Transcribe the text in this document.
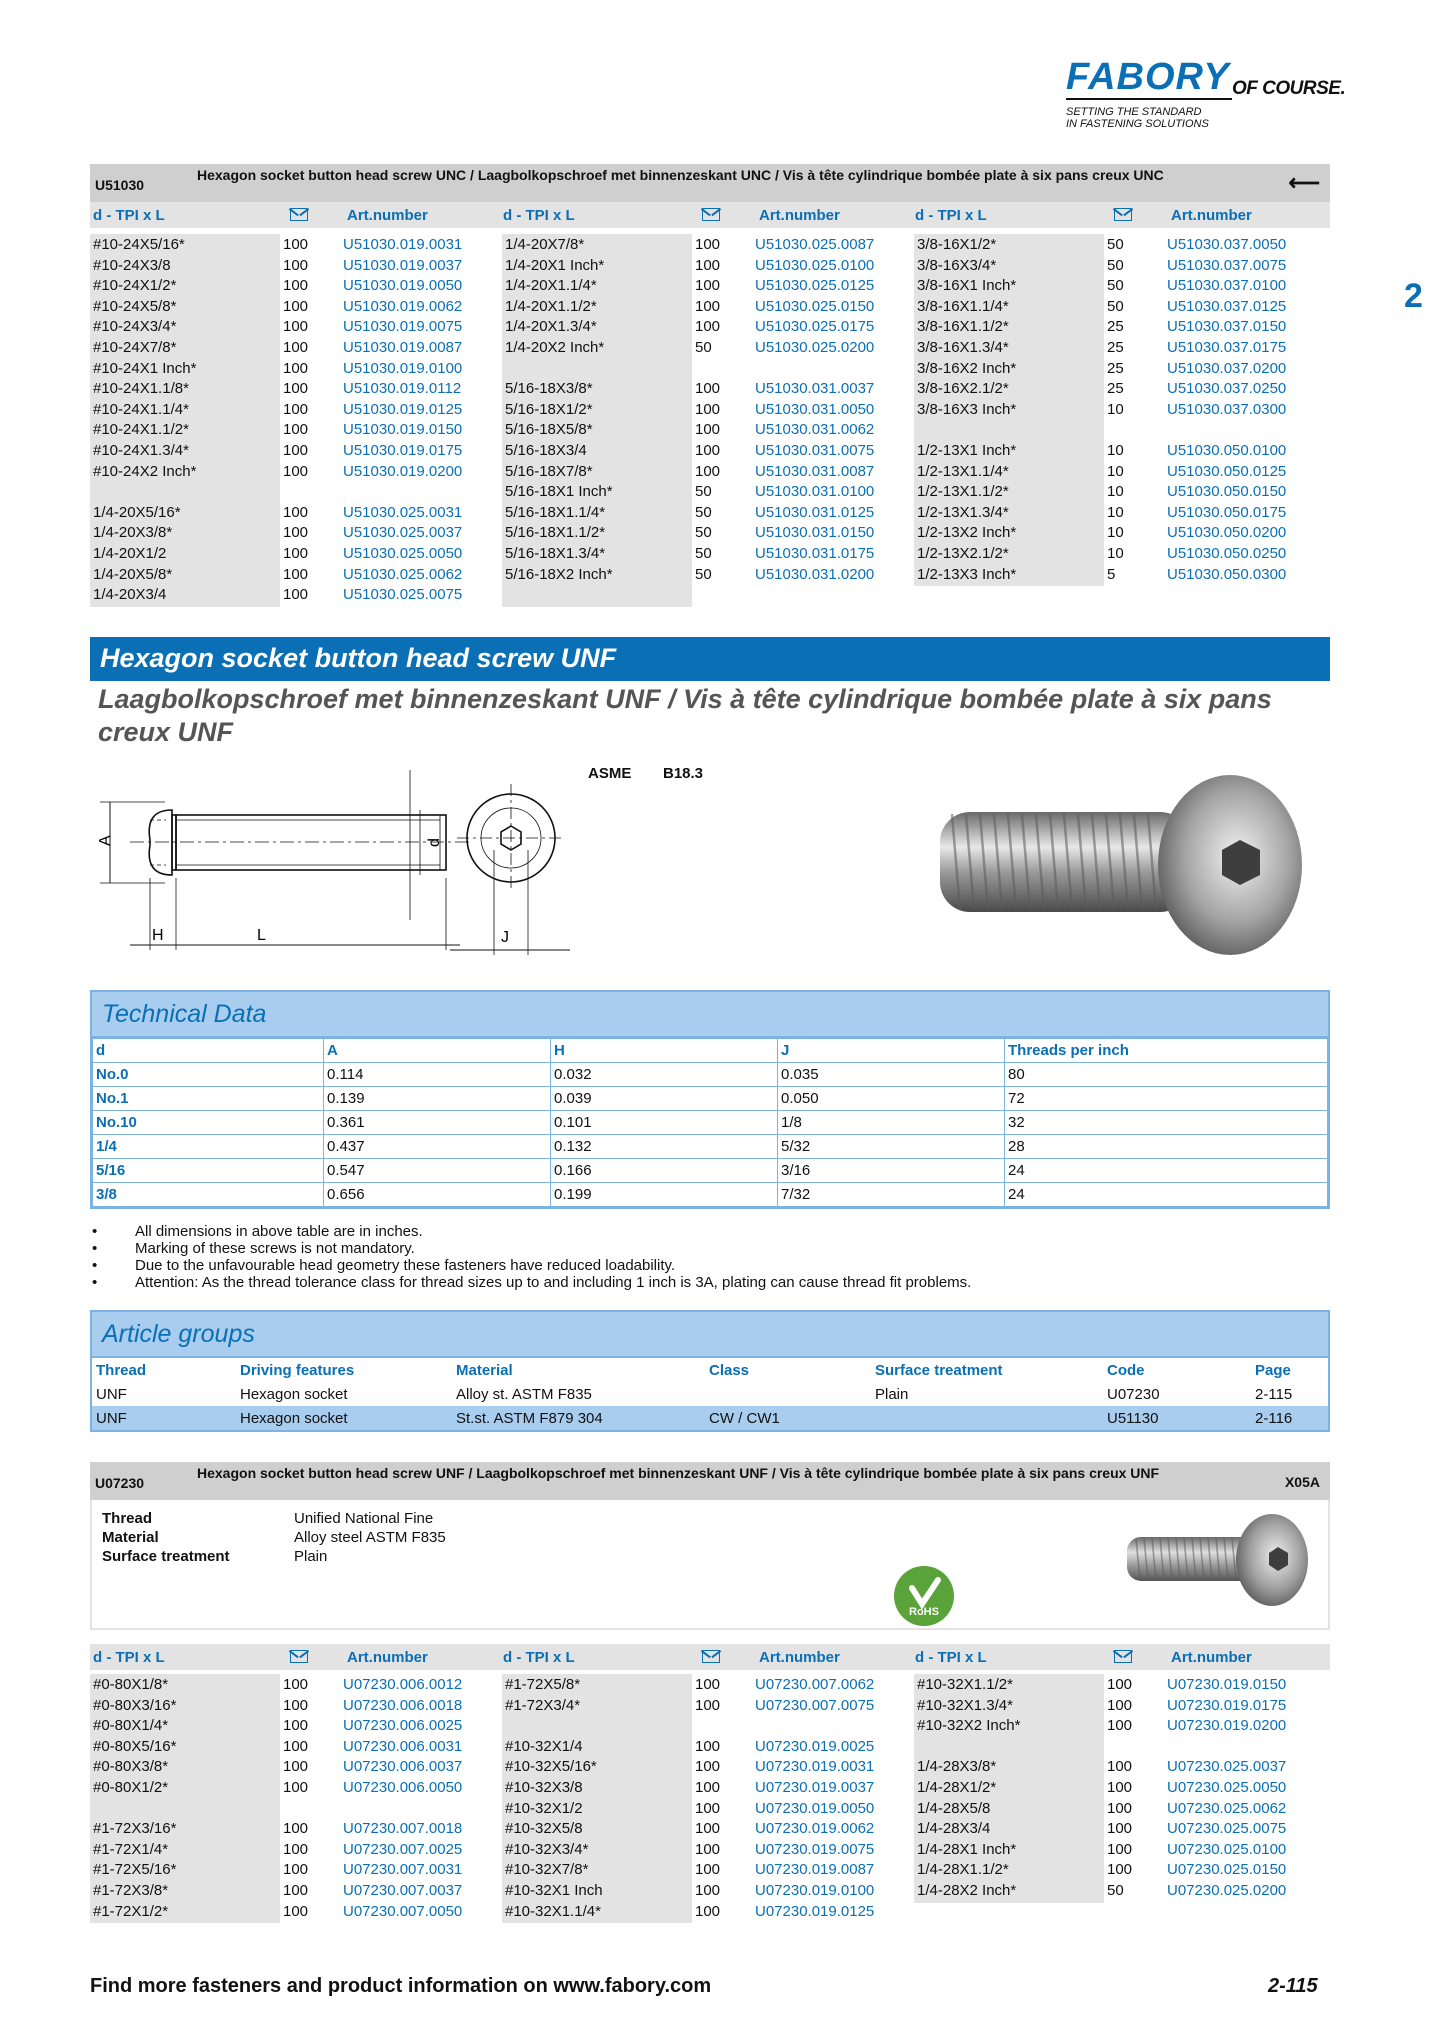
FABORY OF COURSE.
SETTING THE STANDARD
IN FASTENING SOLUTIONS
2
U51030
Hexagon socket button head screw UNC / Laagbolkopschroef met binnenzeskant UNC / Vis à tête cylindrique bombée plate à six pans creux UNC	⟵
d - TPI x L	Art.number	d - TPI x L	Art.number	d - TPI x L	Art.number
#10-24X5/16*	100 U51030.019.0031
#10-24X3/8	100 U51030.019.0037
#10-24X1/2*	100 U51030.019.0050
#10-24X5/8*	100 U51030.019.0062
#10-24X3/4*	100 U51030.019.0075
#10-24X7/8*	100 U51030.019.0087
#10-24X1 Inch*	100 U51030.019.0100
#10-24X1.1/8*	100 U51030.019.0112
#10-24X1.1/4*	100 U51030.019.0125
#10-24X1.1/2*	100 U51030.019.0150
#10-24X1.3/4*	100 U51030.019.0175
#10-24X2 Inch*	100 U51030.019.0200
1/4-20X5/16*	100 U51030.025.0031
1/4-20X3/8*	100 U51030.025.0037
1/4-20X1/2	100 U51030.025.0050
1/4-20X5/8*	100 U51030.025.0062
1/4-20X3/4	100 U51030.025.0075
1/4-20X7/8*	100 U51030.025.0087
1/4-20X1 Inch*	100 U51030.025.0100
1/4-20X1.1/4*	100 U51030.025.0125
1/4-20X1.1/2*	100 U51030.025.0150
1/4-20X1.3/4*	100 U51030.025.0175
1/4-20X2 Inch*	50	U51030.025.0200
5/16-18X3/8*	100 U51030.031.0037
5/16-18X1/2*	100 U51030.031.0050
5/16-18X5/8*	100 U51030.031.0062
5/16-18X3/4	100 U51030.031.0075
5/16-18X7/8*	100 U51030.031.0087
5/16-18X1 Inch*	50	U51030.031.0100
5/16-18X1.1/4*	50	U51030.031.0125
5/16-18X1.1/2*	50	U51030.031.0150
5/16-18X1.3/4*	50	U51030.031.0175
5/16-18X2 Inch*	50	U51030.031.0200
3/8-16X1/2*	50	U51030.037.0050
3/8-16X3/4*	50	U51030.037.0075
3/8-16X1 Inch*	50	U51030.037.0100
3/8-16X1.1/4*	50	U51030.037.0125
3/8-16X1.1/2*	25	U51030.037.0150
3/8-16X1.3/4*	25	U51030.037.0175
3/8-16X2 Inch*	25	U51030.037.0200
3/8-16X2.1/2*	25	U51030.037.0250
3/8-16X3 Inch*	10	U51030.037.0300
1/2-13X1 Inch*	10	U51030.050.0100
1/2-13X1.1/4*	10	U51030.050.0125
1/2-13X1.1/2*	10	U51030.050.0150
1/2-13X1.3/4*	10	U51030.050.0175
1/2-13X2 Inch*	10	U51030.050.0200
1/2-13X2.1/2*	10	U51030.050.0250
1/2-13X3 Inch*	5	U51030.050.0300
Hexagon socket button head screw UNF
Laagbolkopschroef met binnenzeskant UNF / Vis à tête cylindrique bombée plate à six pans creux UNF
ASME B18.3
A	d
H	L	J
Technical Data
d	A	H	J	Threads per inch
No.0	0.114	0.032	0.035	80
No.1	0.139	0.039	0.050	72
No.10	0.361	0.101	1/8	32
1/4	0.437	0.132	5/32	28
5/16	0.547	0.166	3/16	24
3/8	0.656	0.199	7/32	24
• All dimensions in above table are in inches.
• Marking of these screws is not mandatory.
• Due to the unfavourable head geometry these fasteners have reduced loadability.
• Attention: As the thread tolerance class for thread sizes up to and including 1 inch is 3A, plating can cause thread fit problems.
Article groups
Thread	Driving features	Material	Class	Surface treatment	Code	Page
UNF	Hexagon socket	Alloy st. ASTM F835		Plain	U07230	2-115
UNF	Hexagon socket	St.st. ASTM F879 304	CW / CW1		U51130	2-116
U07230
Hexagon socket button head screw UNF / Laagbolkopschroef met binnenzeskant UNF / Vis à tête cylindrique bombée plate à six pans creux UNF
X05A
Thread	Unified National Fine
Material	Alloy steel ASTM F835
Surface treatment	Plain
RoHS
d - TPI x L	Art.number	d - TPI x L	Art.number	d - TPI x L	Art.number
#0-80X1/8*	100 U07230.006.0012
#0-80X3/16*	100 U07230.006.0018
#0-80X1/4*	100 U07230.006.0025
#0-80X5/16*	100 U07230.006.0031
#0-80X3/8*	100 U07230.006.0037
#0-80X1/2*	100 U07230.006.0050
#1-72X3/16*	100 U07230.007.0018
#1-72X1/4*	100 U07230.007.0025
#1-72X5/16*	100 U07230.007.0031
#1-72X3/8*	100 U07230.007.0037
#1-72X1/2*	100 U07230.007.0050
#1-72X5/8*	100 U07230.007.0062
#1-72X3/4*	100 U07230.007.0075
#10-32X1/4	100 U07230.019.0025
#10-32X5/16*	100 U07230.019.0031
#10-32X3/8	100 U07230.019.0037
#10-32X1/2	100 U07230.019.0050
#10-32X5/8	100 U07230.019.0062
#10-32X3/4*	100 U07230.019.0075
#10-32X7/8*	100 U07230.019.0087
#10-32X1 Inch	100 U07230.019.0100
#10-32X1.1/4*	100 U07230.019.0125
#10-32X1.1/2*	100 U07230.019.0150
#10-32X1.3/4*	100 U07230.019.0175
#10-32X2 Inch*	100 U07230.019.0200
1/4-28X3/8*	100 U07230.025.0037
1/4-28X1/2*	100 U07230.025.0050
1/4-28X5/8	100 U07230.025.0062
1/4-28X3/4	100 U07230.025.0075
1/4-28X1 Inch*	100 U07230.025.0100
1/4-28X1.1/2*	100 U07230.025.0150
1/4-28X2 Inch*	50	U07230.025.0200
Find more fasteners and product information on www.fabory.com	2-115
